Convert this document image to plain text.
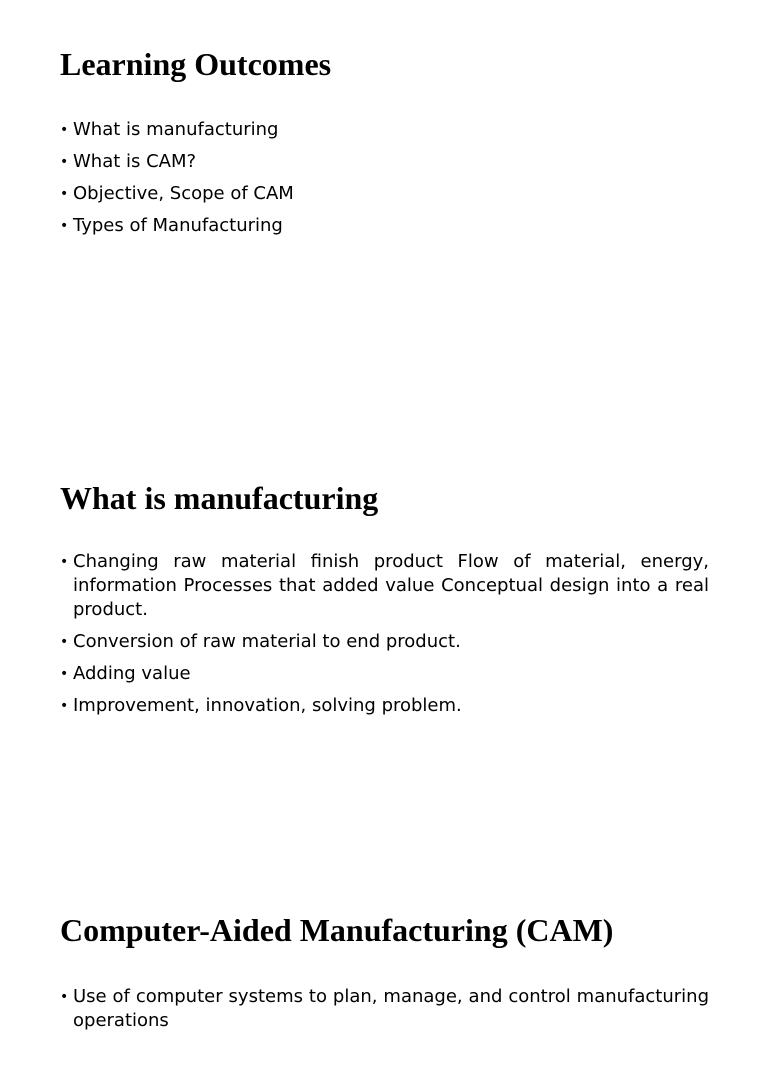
Learning Outcomes
• What is manufacturing
• What is CAM?
• Objective, Scope of CAM
• Types of Manufacturing
What is manufacturing
• Changing raw material finish product Flow of material, energy, information Processes that added value Conceptual design into a real product.
• Conversion of raw material to end product.
• Adding value
• Improvement, innovation, solving problem.
Computer-Aided Manufacturing (CAM)
• Use of computer systems to plan, manage, and control manufacturing operations
